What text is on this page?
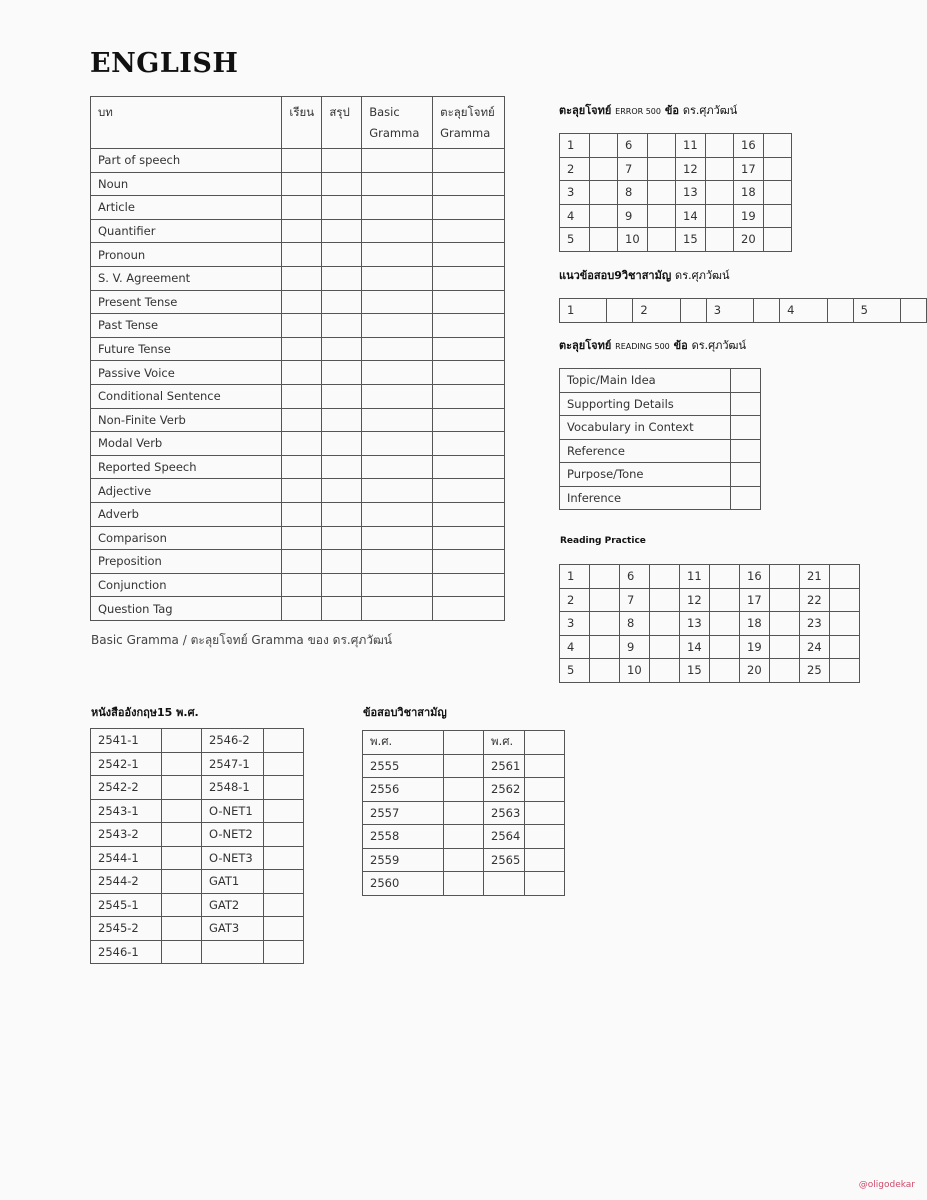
ENGLISH
บท	เรียน	สรุป	Basic Gramma	ตะลุยโจทย์ Gramma
Part of speech				
Noun				
Article				
Quantifier				
Pronoun				
S. V. Agreement				
Present Tense				
Past Tense				
Future Tense				
Passive Voice				
Conditional Sentence				
Non-Finite Verb				
Modal Verb				
Reported Speech				
Adjective				
Adverb				
Comparison				
Preposition				
Conjunction				
Question Tag				
Basic Gramma / ตะลุยโจทย์ Gramma ของ ดร.ศุภวัฒน์
ตะลุยโจทย์ ERROR 500 ข้อ ดร.ศุภวัฒน์
1		6		11		16	
2		7		12		17	
3		8		13		18	
4		9		14		19	
5		10		15		20	
แนวข้อสอบ9วิชาสามัญ ดร.ศุภวัฒน์
1		2		3		4		5	
ตะลุยโจทย์ READING 500 ข้อ ดร.ศุภวัฒน์
Topic/Main Idea	
Supporting Details	
Vocabulary in Context	
Reference	
Purpose/Tone	
Inference	
Reading Practice
1		6		11		16		21	
2		7		12		17		22	
3		8		13		18		23	
4		9		14		19		24	
5		10		15		20		25	
หนังสืออังกฤษ15 พ.ศ.
2541-1		2546-2	
2542-1		2547-1	
2542-2		2548-1	
2543-1		O-NET1	
2543-2		O-NET2	
2544-1		O-NET3	
2544-2		GAT1	
2545-1		GAT2	
2545-2		GAT3	
2546-1			
ข้อสอบวิชาสามัญ
พ.ศ.		พ.ศ.	
2555		2561	
2556		2562	
2557		2563	
2558		2564	
2559		2565	
2560			
@oligodekar
